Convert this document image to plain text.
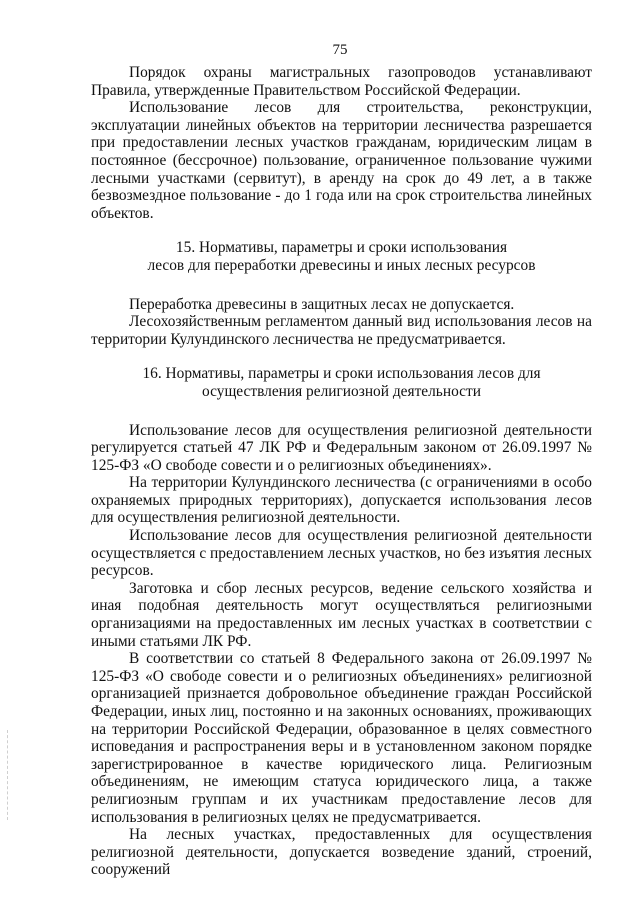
75

Порядок охраны магистральных газопроводов устанавливают Правила, утвержденные Правительством Российской Федерации.

Использование лесов для строительства, реконструкции, эксплуатации линейных объектов на территории лесничества разрешается при предоставлении лесных участков гражданам, юридическим лицам в постоянное (бессрочное) пользование, ограниченное пользование чужими лесными участками (сервитут), в аренду на срок до 49 лет, а в также безвозмездное пользование - до 1 года или на срок строительства линейных объектов.

15. Нормативы, параметры и сроки использования

лесов для переработки древесины и иных лесных ресурсов

Переработка древесины в защитных лесах не допускается.

Лесохозяйственным регламентом данный вид использования лесов на территории Кулундинского лесничества не предусматривается.

16. Нормативы, параметры и сроки использования лесов для

осуществления религиозной деятельности

Использование лесов для осуществления религиозной деятельности регулируется статьей 47 ЛК РФ и Федеральным законом от 26.09.1997 № 125-ФЗ «О свободе совести и о религиозных объединениях».

На территории Кулундинского лесничества (с ограничениями в особо охраняемых природных территориях), допускается использования лесов для осуществления религиозной деятельности.

Использование лесов для осуществления религиозной деятельности осуществляется с предоставлением лесных участков, но без изъятия лесных ресурсов.

Заготовка и сбор лесных ресурсов, ведение сельского хозяйства и иная подобная деятельность могут осуществляться религиозными организациями на предоставленных им лесных участках в соответствии с иными статьями ЛК РФ.

В соответствии со статьей 8 Федерального закона от 26.09.1997 № 125-ФЗ «О свободе совести и о религиозных объединениях» религиозной организацией признается добровольное объединение граждан Российской Федерации, иных лиц, постоянно и на законных основаниях, проживающих на территории Российской Федерации, образованное в целях совместного исповедания и распространения веры и в установленном законом порядке зарегистрированное в качестве юридического лица. Религиозным объединениям, не имеющим статуса юридического лица, а также религиозным группам и их участникам предоставление лесов для использования в религиозных целях не предусматривается.

На лесных участках, предоставленных для осуществления религиозной деятельности, допускается возведение зданий, строений, сооружений
